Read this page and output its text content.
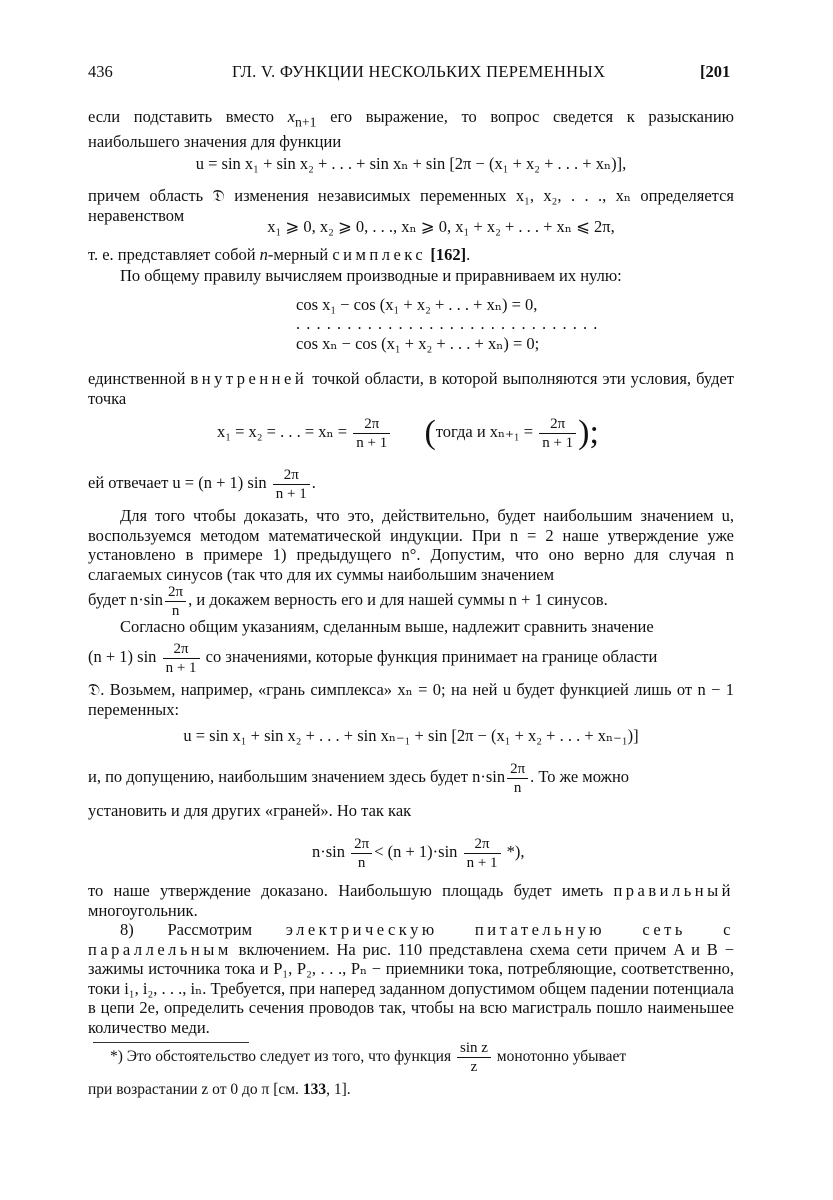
436	ГЛ. V. ФУНКЦИИ НЕСКОЛЬКИХ ПЕРЕМЕННЫХ	[201
если подставить вместо $x_{n+1}$ его выражение, то вопрос сведется к разысканию наибольшего значения для функции
u = sin x₁ + sin x₂ + . . . + sin xₙ + sin [2π − (x₁ + x₂ + . . . + xₙ)],
причем область 𝔇 изменения независимых переменных x₁, x₂, . . ., xₙ определяется неравенством
x₁ ⩾ 0, x₂ ⩾ 0, . . ., xₙ ⩾ 0, x₁ + x₂ + . . . + xₙ ⩽ 2π,
т. е. представляет собой n-мерный симплекс [162].
По общему правилу вычисляем производные и приравниваем их нулю:
cos x₁ − cos (x₁ + x₂ + . . . + xₙ) = 0,
. . . . . . . . . . . . . . . . . . . . . . . . . . . . . .
cos xₙ − cos (x₁ + x₂ + . . . + xₙ) = 0;
единственной внутренней точкой области, в которой выполняются эти условия, будет точка
x₁ = x₂ = . . . = $x_n = \frac{2\pi}{n + 1}$ (тогда и $x_{n+1} = \frac{2\pi}{n + 1}$ );
ей отвечает u = (n + 1) $\sin \frac{2\pi}{n + 1}$ .
Для того чтобы доказать, что это, действительно, будет наибольшим значением u, воспользуемся методом математической индукции. При n = 2 наше утверждение уже установлено в примере 1) предыдущего n°. Допустим, что оно верно для случая n слагаемых синусов (так что для их суммы наибольшим значением
будет $n\cdot\sin \frac{2\pi}{n}$ , и докажем верность его и для нашей суммы n + 1 синусов.
Согласно общим указаниям, сделанным выше, надлежит сравнить значение
(n + 1) $\sin \frac{2\pi}{n + 1}$ со значениями, которые функция принимает на границе области
𝔇. Возьмем, например, «грань симплекса» xₙ = 0; на ней u будет функцией лишь от n − 1 переменных:
u = sin x₁ + sin x₂ + . . . + sin xₙ₋₁ + sin [2π − (x₁ + x₂ + . . . + xₙ₋₁)]
и, по допущению, наибольшим значением здесь будет $n\cdot\sin \frac{2\pi}{n}$ . То же можно
установить и для других «граней». Но так как
$n\cdot\sin \frac{2\pi}{n} < (n + 1)\cdot\sin \frac{2\pi}{n + 1}$ *),
то наше утверждение доказано. Наибольшую площадь будет иметь правильный многоугольник.
8) Рассмотрим электрическую питательную сеть с параллельным включением. На рис. 110 представлена схема сети причем A и B − зажимы источника тока и P₁, P₂, . . ., Pₙ − приемники тока, потребляющие, соответственно, токи i₁, i₂, . . ., iₙ. Требуется, при наперед заданном допустимом общем падении потенциала в цепи 2e, определить сечения проводов так, чтобы на всю магистраль пошло наименьшее количество меди.
*) Это обстоятельство следует из того, что функция $\frac{\text{sin z}}{z}$ монотонно убывает
при возрастании z от 0 до π [см. 133, 1].
